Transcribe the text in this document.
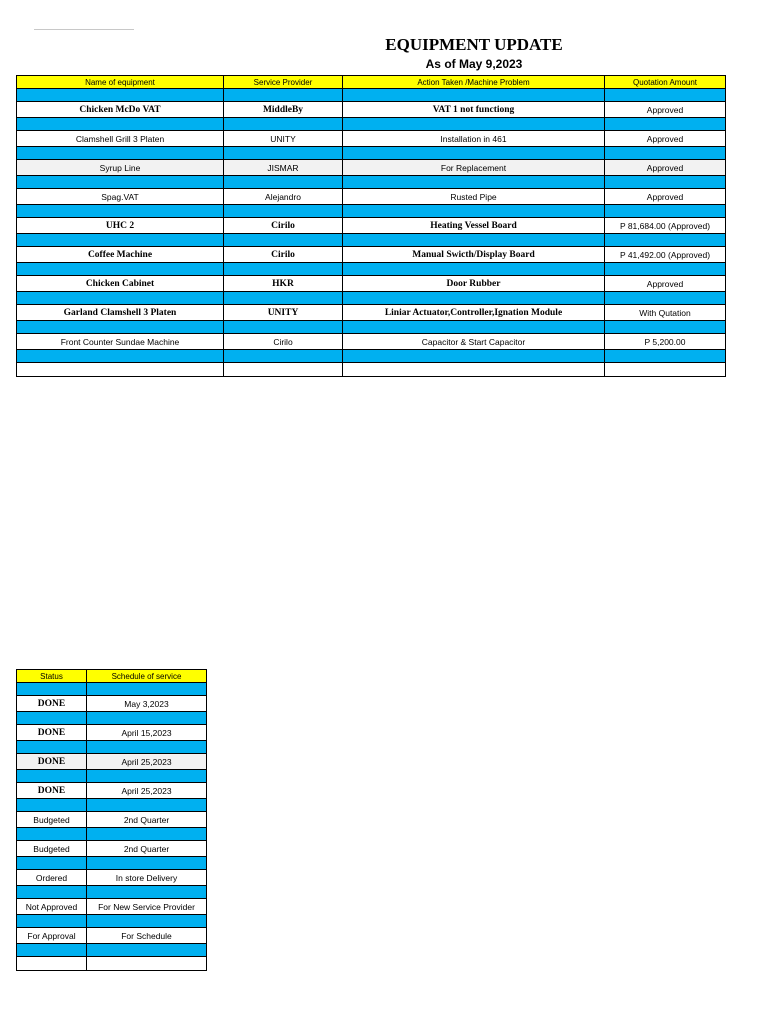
EQUIPMENT UPDATE
As of May 9,2023
Name of equipment	Service Provider	Action Taken /Machine Problem	Quotation Amount

Chicken McDo VAT	MiddleBy	VAT 1 not functiong	Approved

Clamshell Grill 3 Platen	UNITY	Installation in 461	Approved

Syrup Line	JISMAR	For Replacement	Approved

Spag.VAT	Alejandro	Rusted Pipe	Approved

UHC 2	Cirilo	Heating Vessel Board	P 81,684.00 (Approved)

Coffee Machine	Cirilo	Manual Swicth/Display Board	P 41,492.00 (Approved)

Chicken Cabinet	HKR	Door Rubber	Approved

Garland Clamshell 3 Platen	UNITY	Liniar Actuator,Controller,Ignation Module	With Qutation

Front Counter Sundae Machine	Cirilo	Capacitor & Start Capacitor	P 5,200.00

Status	Schedule of service

DONE	May 3,2023

DONE	April 15,2023

DONE	April 25,2023

DONE	April 25,2023

Budgeted	2nd Quarter

Budgeted	2nd Quarter

Ordered	In store Delivery

Not Approved	For New Service Provider

For Approval	For Schedule
